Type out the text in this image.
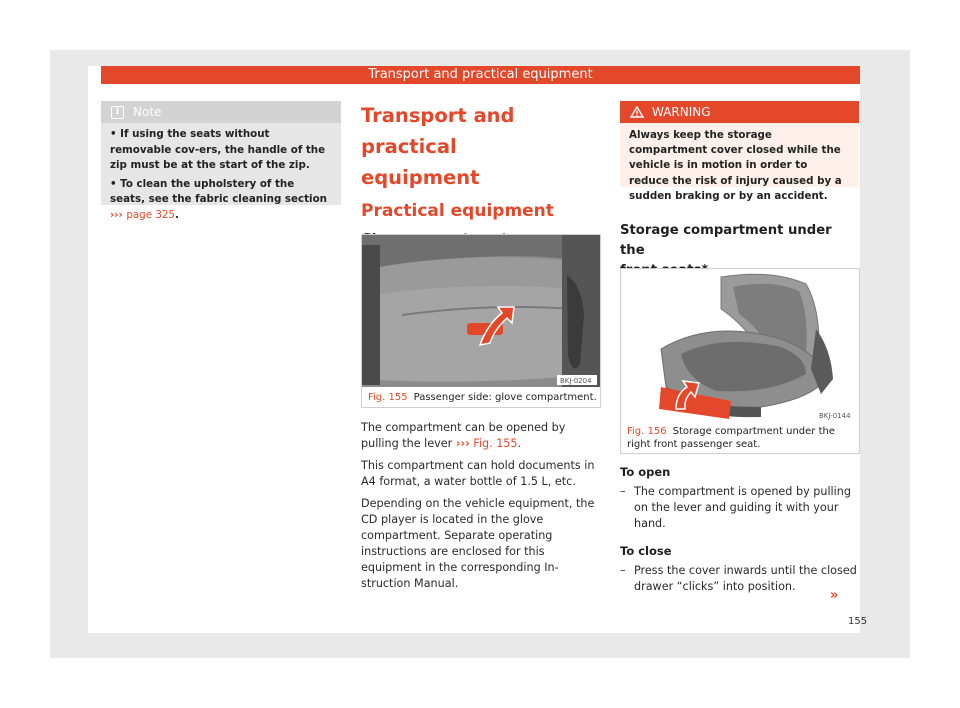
Transport and practical equipment
i	Note

• If using the seats without removable cov-ers, the handle of the zip must be at the start of the zip.

• To clean the upholstery of the seats, see the fabric cleaning section ››› page 325.

Transport and practical
equipment
Practical equipment
BKJ-0204
Fig. 155 Passenger side: glove compartment.

The compartment can be opened by pulling the lever ››› Fig. 155.

This compartment can hold documents in A4 format, a water bottle of 1.5 L, etc.

Depending on the vehicle equipment, the CD player is located in the glove compartment. Separate operating instructions are enclosed for this equipment in the corresponding In-struction Manual.

WARNING
Always keep the storage compartment cover closed while the vehicle is in motion in order to reduce the risk of injury caused by a sudden braking or by an accident.
Storage compartment under the
BKJ-0144
Fig. 156 Storage compartment under the right front passenger seat.
To open
– The compartment is opened by pulling on the lever and guiding it with your hand.
To close
– Press the cover inwards until the closed drawer “clicks” into position.
»
155
